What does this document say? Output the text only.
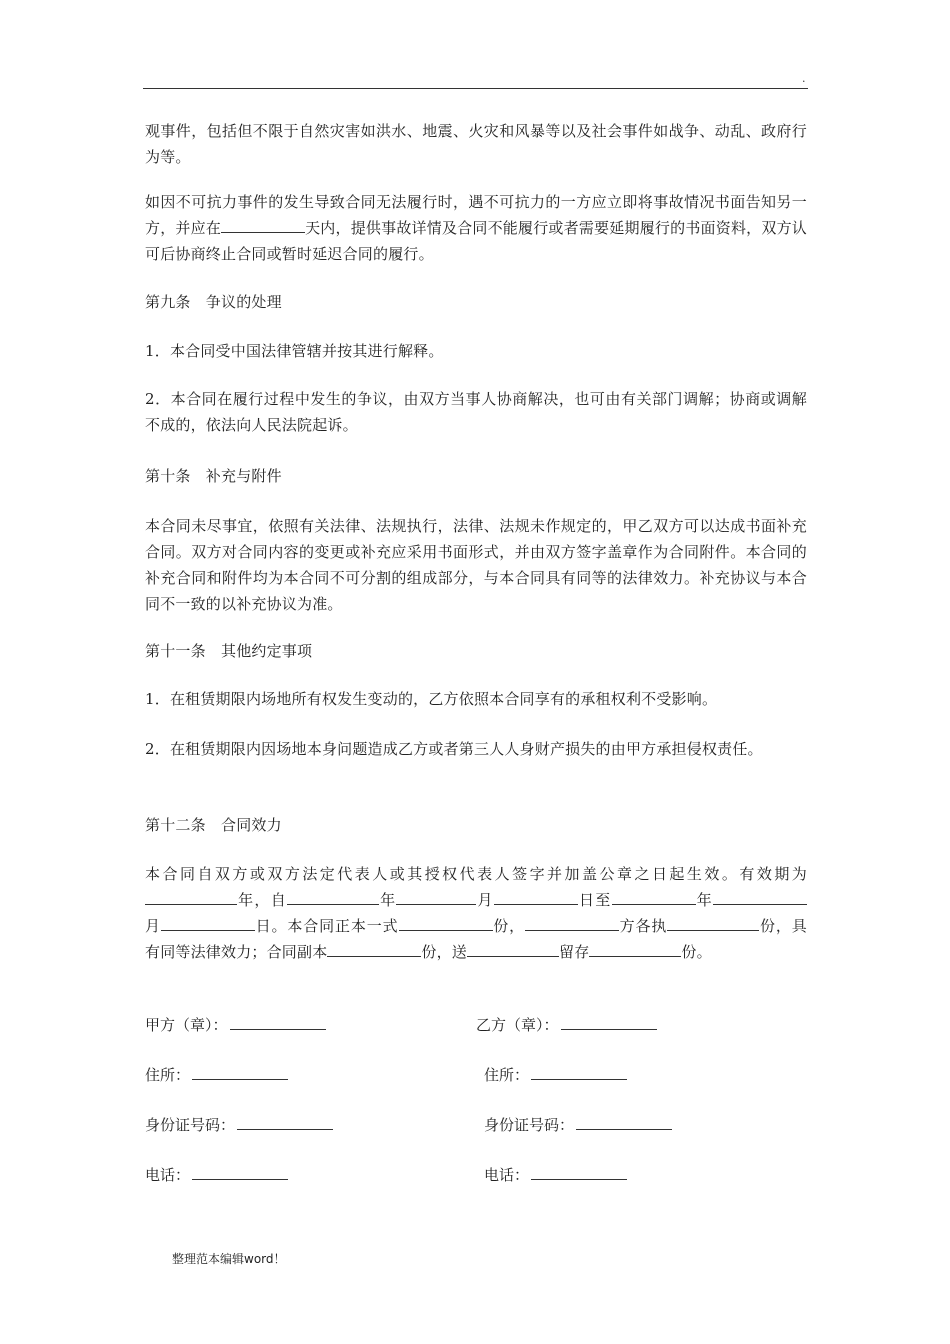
.

观事件，包括但不限于自然灾害如洪水、地震、火灾和风暴等以及社会事件如战争、动乱、政府行为等。

如因不可抗力事件的发生导致合同无法履行时，遇不可抗力的一方应立即将事故情况书面告知另一方，并应在	天内，提供事故详情及合同不能履行或者需要延期履行的书面资料，双方认可后协商终止合同或暂时延迟合同的履行。

第九条　争议的处理

1．本合同受中国法律管辖并按其进行解释。

2．本合同在履行过程中发生的争议，由双方当事人协商解决，也可由有关部门调解；协商或调解不成的，依法向人民法院起诉。

第十条　补充与附件

本合同未尽事宜，依照有关法律、法规执行，法律、法规未作规定的，甲乙双方可以达成书面补充合同。双方对合同内容的变更或补充应采用书面形式，并由双方签字盖章作为合同附件。本合同的补充合同和附件均为本合同不可分割的组成部分，与本合同具有同等的法律效力。补充协议与本合同不一致的以补充协议为准。

第十一条　其他约定事项

1．在租赁期限内场地所有权发生变动的，乙方依照本合同享有的承租权利不受影响。

2．在租赁期限内因场地本身问题造成乙方或者第三人人身财产损失的由甲方承担侵权责任。

第十二条　合同效力

本合同自双方或双方法定代表人或其授权代表人签字并加盖公章之日起生效。有效期为年，自	年	月	日至	年月	日。本合同正本一式	份，	方各执	份，具有同等法律效力；合同副本	份，送	留存	份。

甲方（章）：	乙方（章）：
住所：	住所：
身份证号码：	身份证号码：
电话：	电话：
整理范本编辑word！
